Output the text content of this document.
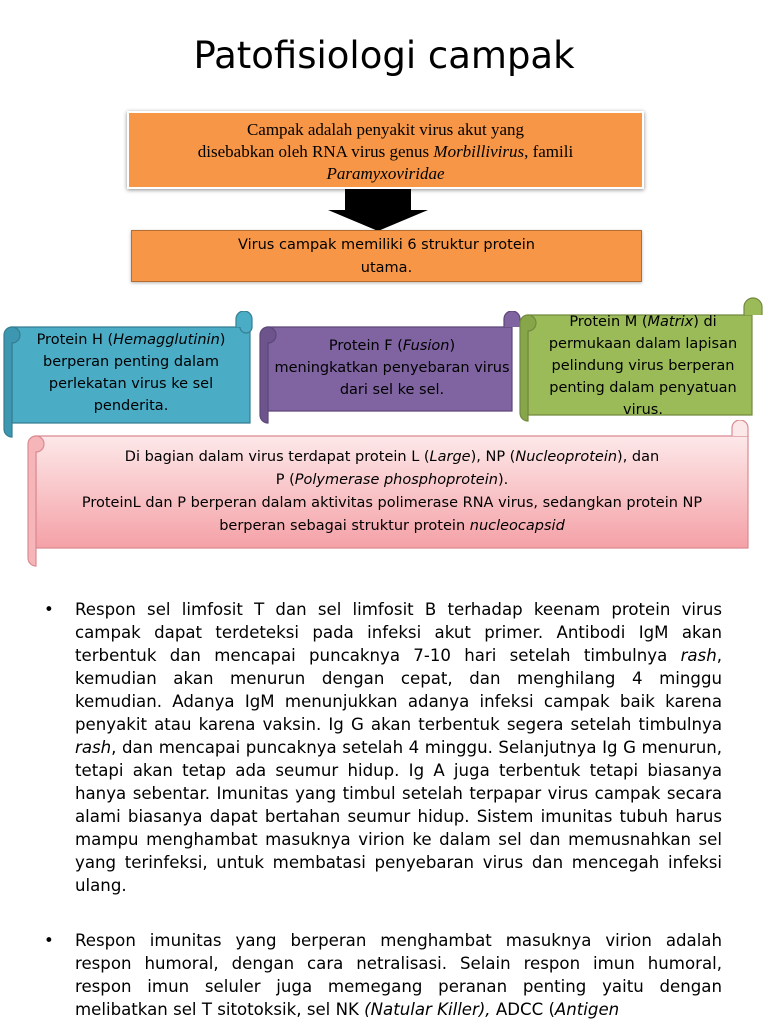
Patofisiologi campak
Campak adalah penyakit virus akut yang
disebabkan oleh RNA virus genus Morbillivirus, famili
Paramyxoviridae
Virus campak memiliki 6 struktur protein
utama.
Protein H (Hemagglutinin)
berperan penting dalam perlekatan virus ke sel penderita.
Protein F (Fusion)
meningkatkan penyebaran virus dari sel ke sel.
Protein M (Matrix) di
permukaan dalam lapisan pelindung virus berperan penting dalam penyatuan virus.
Di bagian dalam virus terdapat protein L (Large), NP (Nucleoprotein), dan
P (Polymerase phosphoprotein).
ProteinL dan P berperan dalam aktivitas polimerase RNA virus, sedangkan protein NP
berperan sebagai struktur protein nucleocapsid
• Respon sel limfosit T dan sel limfosit B terhadap keenam protein virus campak dapat terdeteksi pada infeksi akut primer. Antibodi IgM akan terbentuk dan mencapai puncaknya 7-10 hari setelah timbulnya rash, kemudian akan menurun dengan cepat, dan menghilang 4 minggu kemudian. Adanya IgM menunjukkan adanya infeksi campak baik karena penyakit atau karena vaksin. Ig G akan terbentuk segera setelah timbulnya rash, dan mencapai puncaknya setelah 4 minggu. Selanjutnya Ig G menurun, tetapi akan tetap ada seumur hidup. Ig A juga terbentuk tetapi biasanya hanya sebentar. Imunitas yang timbul setelah terpapar virus campak secara alami biasanya dapat bertahan seumur hidup. Sistem imunitas tubuh harus mampu menghambat masuknya virion ke dalam sel dan memusnahkan sel yang terinfeksi, untuk membatasi penyebaran virus dan mencegah infeksi ulang.
• Respon imunitas yang berperan menghambat masuknya virion adalah respon humoral, dengan cara netralisasi. Selain respon imun humoral, respon imun seluler juga memegang peranan penting yaitu dengan melibatkan sel T sitotoksik, sel NK (Natular Killer), ADCC (Antigen
